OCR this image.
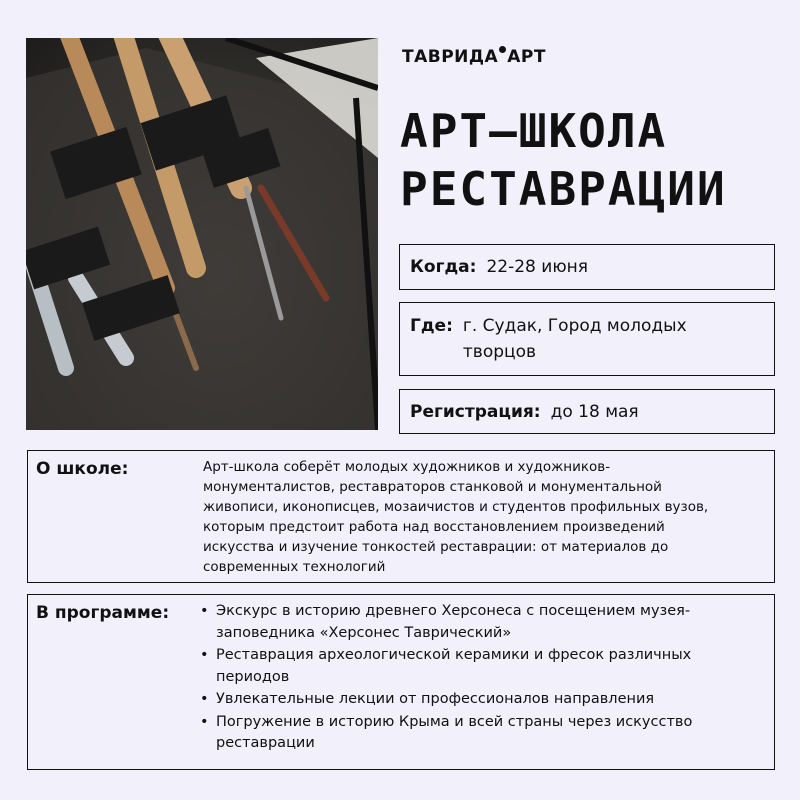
ТАВРИДА АРТ
АРТ–ШКОЛА
РЕСТАВРАЦИИ
Когда: 22-28 июня
Где: г. Судак, Город молодых творцов
Регистрация: до 18 мая
О школе:	Арт-школа соберёт молодых художников и художников-монументалистов, реставраторов станковой и монументальной живописи, иконописцев, мозаичистов и студентов профильных вузов, которым предстоит работа над восстановлением произведений искусства и изучение тонкостей реставрации: от материалов до современных технологий
В программе:
•	Экскурс в историю древнего Херсонеса с посещением музея-заповедника «Херсонес Таврический»
• Реставрация археологической керамики и фресок различных периодов
• Увлекательные лекции от профессионалов направления
• Погружение в историю Крыма и всей страны через искусство реставрации
